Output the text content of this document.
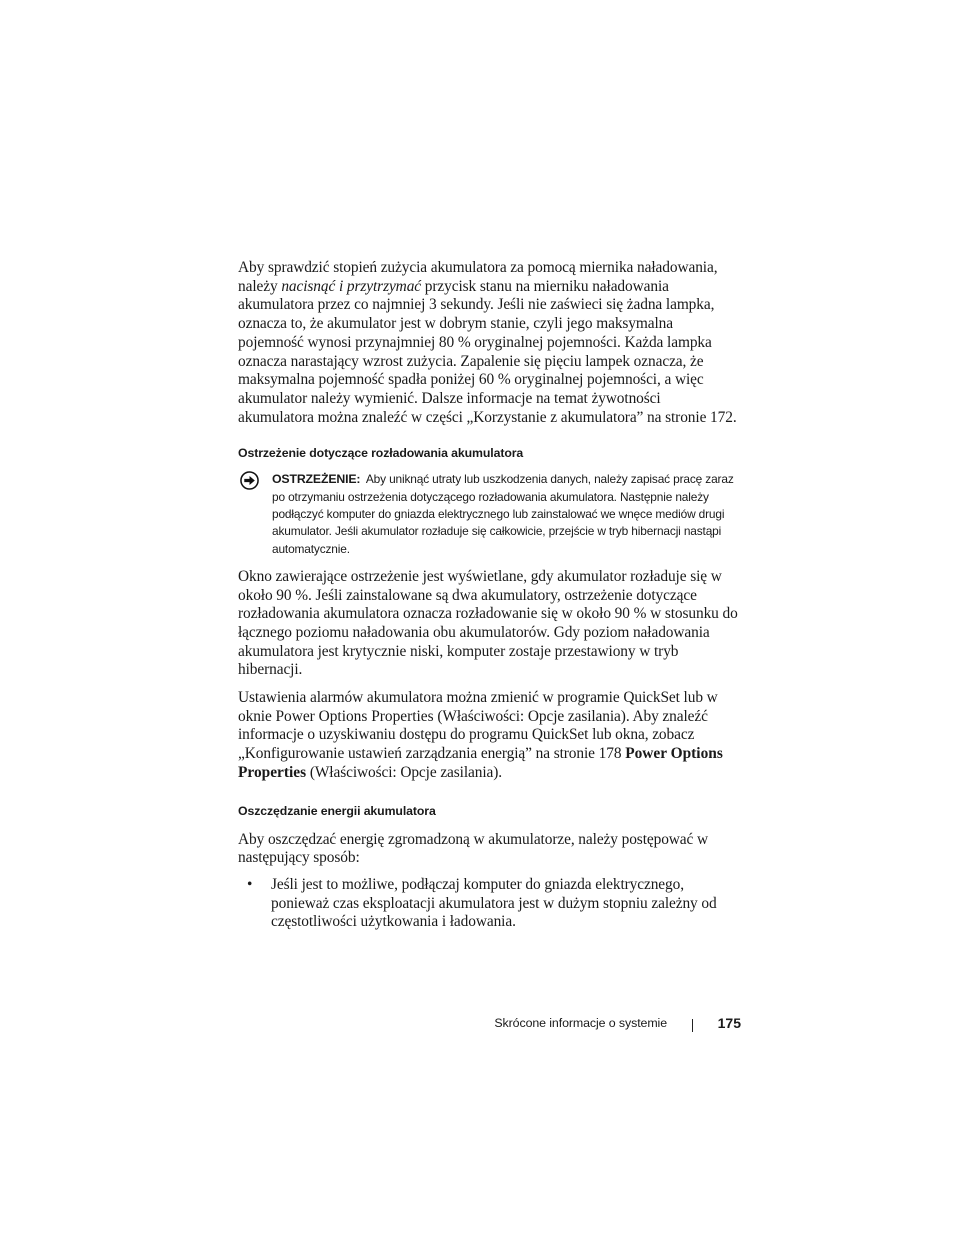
Aby sprawdzić stopień zużycia akumulatora za pomocą miernika naładowania, należy nacisnąć i przytrzymać przycisk stanu na mierniku naładowania akumulatora przez co najmniej 3 sekundy. Jeśli nie zaświeci się żadna lampka, oznacza to, że akumulator jest w dobrym stanie, czyli jego maksymalna pojemność wynosi przynajmniej 80 % oryginalnej pojemności. Każda lampka oznacza narastający wzrost zużycia. Zapalenie się pięciu lampek oznacza, że maksymalna pojemność spadła poniżej 60 % oryginalnej pojemności, a więc akumulator należy wymienić. Dalsze informacje na temat żywotności akumulatora można znaleźć w części „Korzystanie z akumulatora” na stronie 172.

Ostrzeżenie dotyczące rozładowania akumulatora
OSTRZEŻENIE: Aby uniknąć utraty lub uszkodzenia danych, należy zapisać pracę zaraz po otrzymaniu ostrzeżenia dotyczącego rozładowania akumulatora. Następnie należy podłączyć komputer do gniazda elektrycznego lub zainstalować we wnęce mediów drugi akumulator. Jeśli akumulator rozładuje się całkowicie, przejście w tryb hibernacji nastąpi automatycznie.

Okno zawierające ostrzeżenie jest wyświetlane, gdy akumulator rozładuje się w około 90 %. Jeśli zainstalowane są dwa akumulatory, ostrzeżenie dotyczące rozładowania akumulatora oznacza rozładowanie się w około 90 % w stosunku do łącznego poziomu naładowania obu akumulatorów. Gdy poziom naładowania akumulatora jest krytycznie niski, komputer zostaje przestawiony w tryb hibernacji.

Ustawienia alarmów akumulatora można zmienić w programie QuickSet lub w oknie Power Options Properties (Właściwości: Opcje zasilania). Aby znaleźć informacje o uzyskiwaniu dostępu do programu QuickSet lub okna, zobacz „Konfigurowanie ustawień zarządzania energią” na stronie 178 Power Options Properties (Właściwości: Opcje zasilania).

Oszczędzanie energii akumulatora

Aby oszczędzać energię zgromadzoną w akumulatorze, należy postępować w następujący sposób:

• Jeśli jest to możliwe, podłączaj komputer do gniazda elektrycznego, ponieważ czas eksploatacji akumulatora jest w dużym stopniu zależny od częstotliwości użytkowania i ładowania.
Skrócone informacje o systemie	175
